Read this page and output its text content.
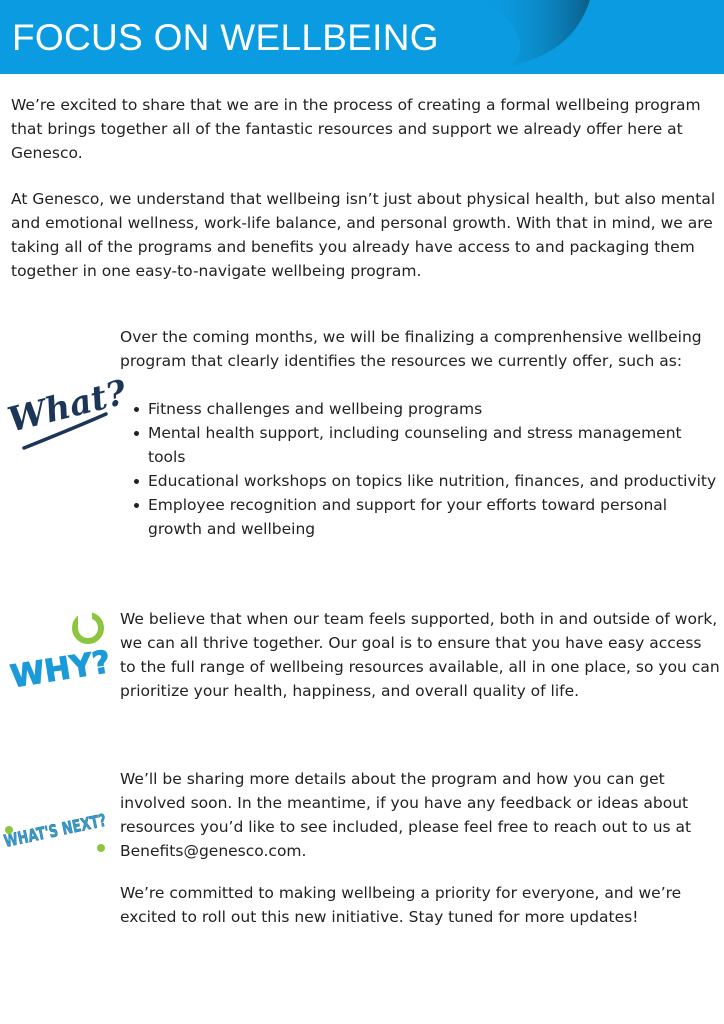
FOCUS ON WELLBEING

We’re excited to share that we are in the process of creating a formal wellbeing program that brings together all of the fantastic resources and support we already offer here at Genesco.

At Genesco, we understand that wellbeing isn’t just about physical health, but also mental and emotional wellness, work-life balance, and personal growth. With that in mind, we are taking all of the programs and benefits you already have access to and packaging them together in one easy-to-navigate wellbeing program.

What?

Over the coming months, we will be finalizing a comprenhensive wellbeing program that clearly identifies the resources we currently offer, such as:

Fitness challenges and wellbeing programs
Mental health support, including counseling and stress management tools
Educational workshops on topics like nutrition, finances, and productivity
Employee recognition and support for your efforts toward personal growth and wellbeing
WHY?

We believe that when our team feels supported, both in and outside of work, we can all thrive together. Our goal is to ensure that you have easy access to the full range of wellbeing resources available, all in one place, so you can prioritize your health, happiness, and overall quality of life.

WHAT'S NEXT?

We’ll be sharing more details about the program and how you can get involved soon. In the meantime, if you have any feedback or ideas about resources you’d like to see included, please feel free to reach out to us at Benefits@genesco.com.

We’re committed to making wellbeing a priority for everyone, and we’re excited to roll out this new initiative. Stay tuned for more updates!
